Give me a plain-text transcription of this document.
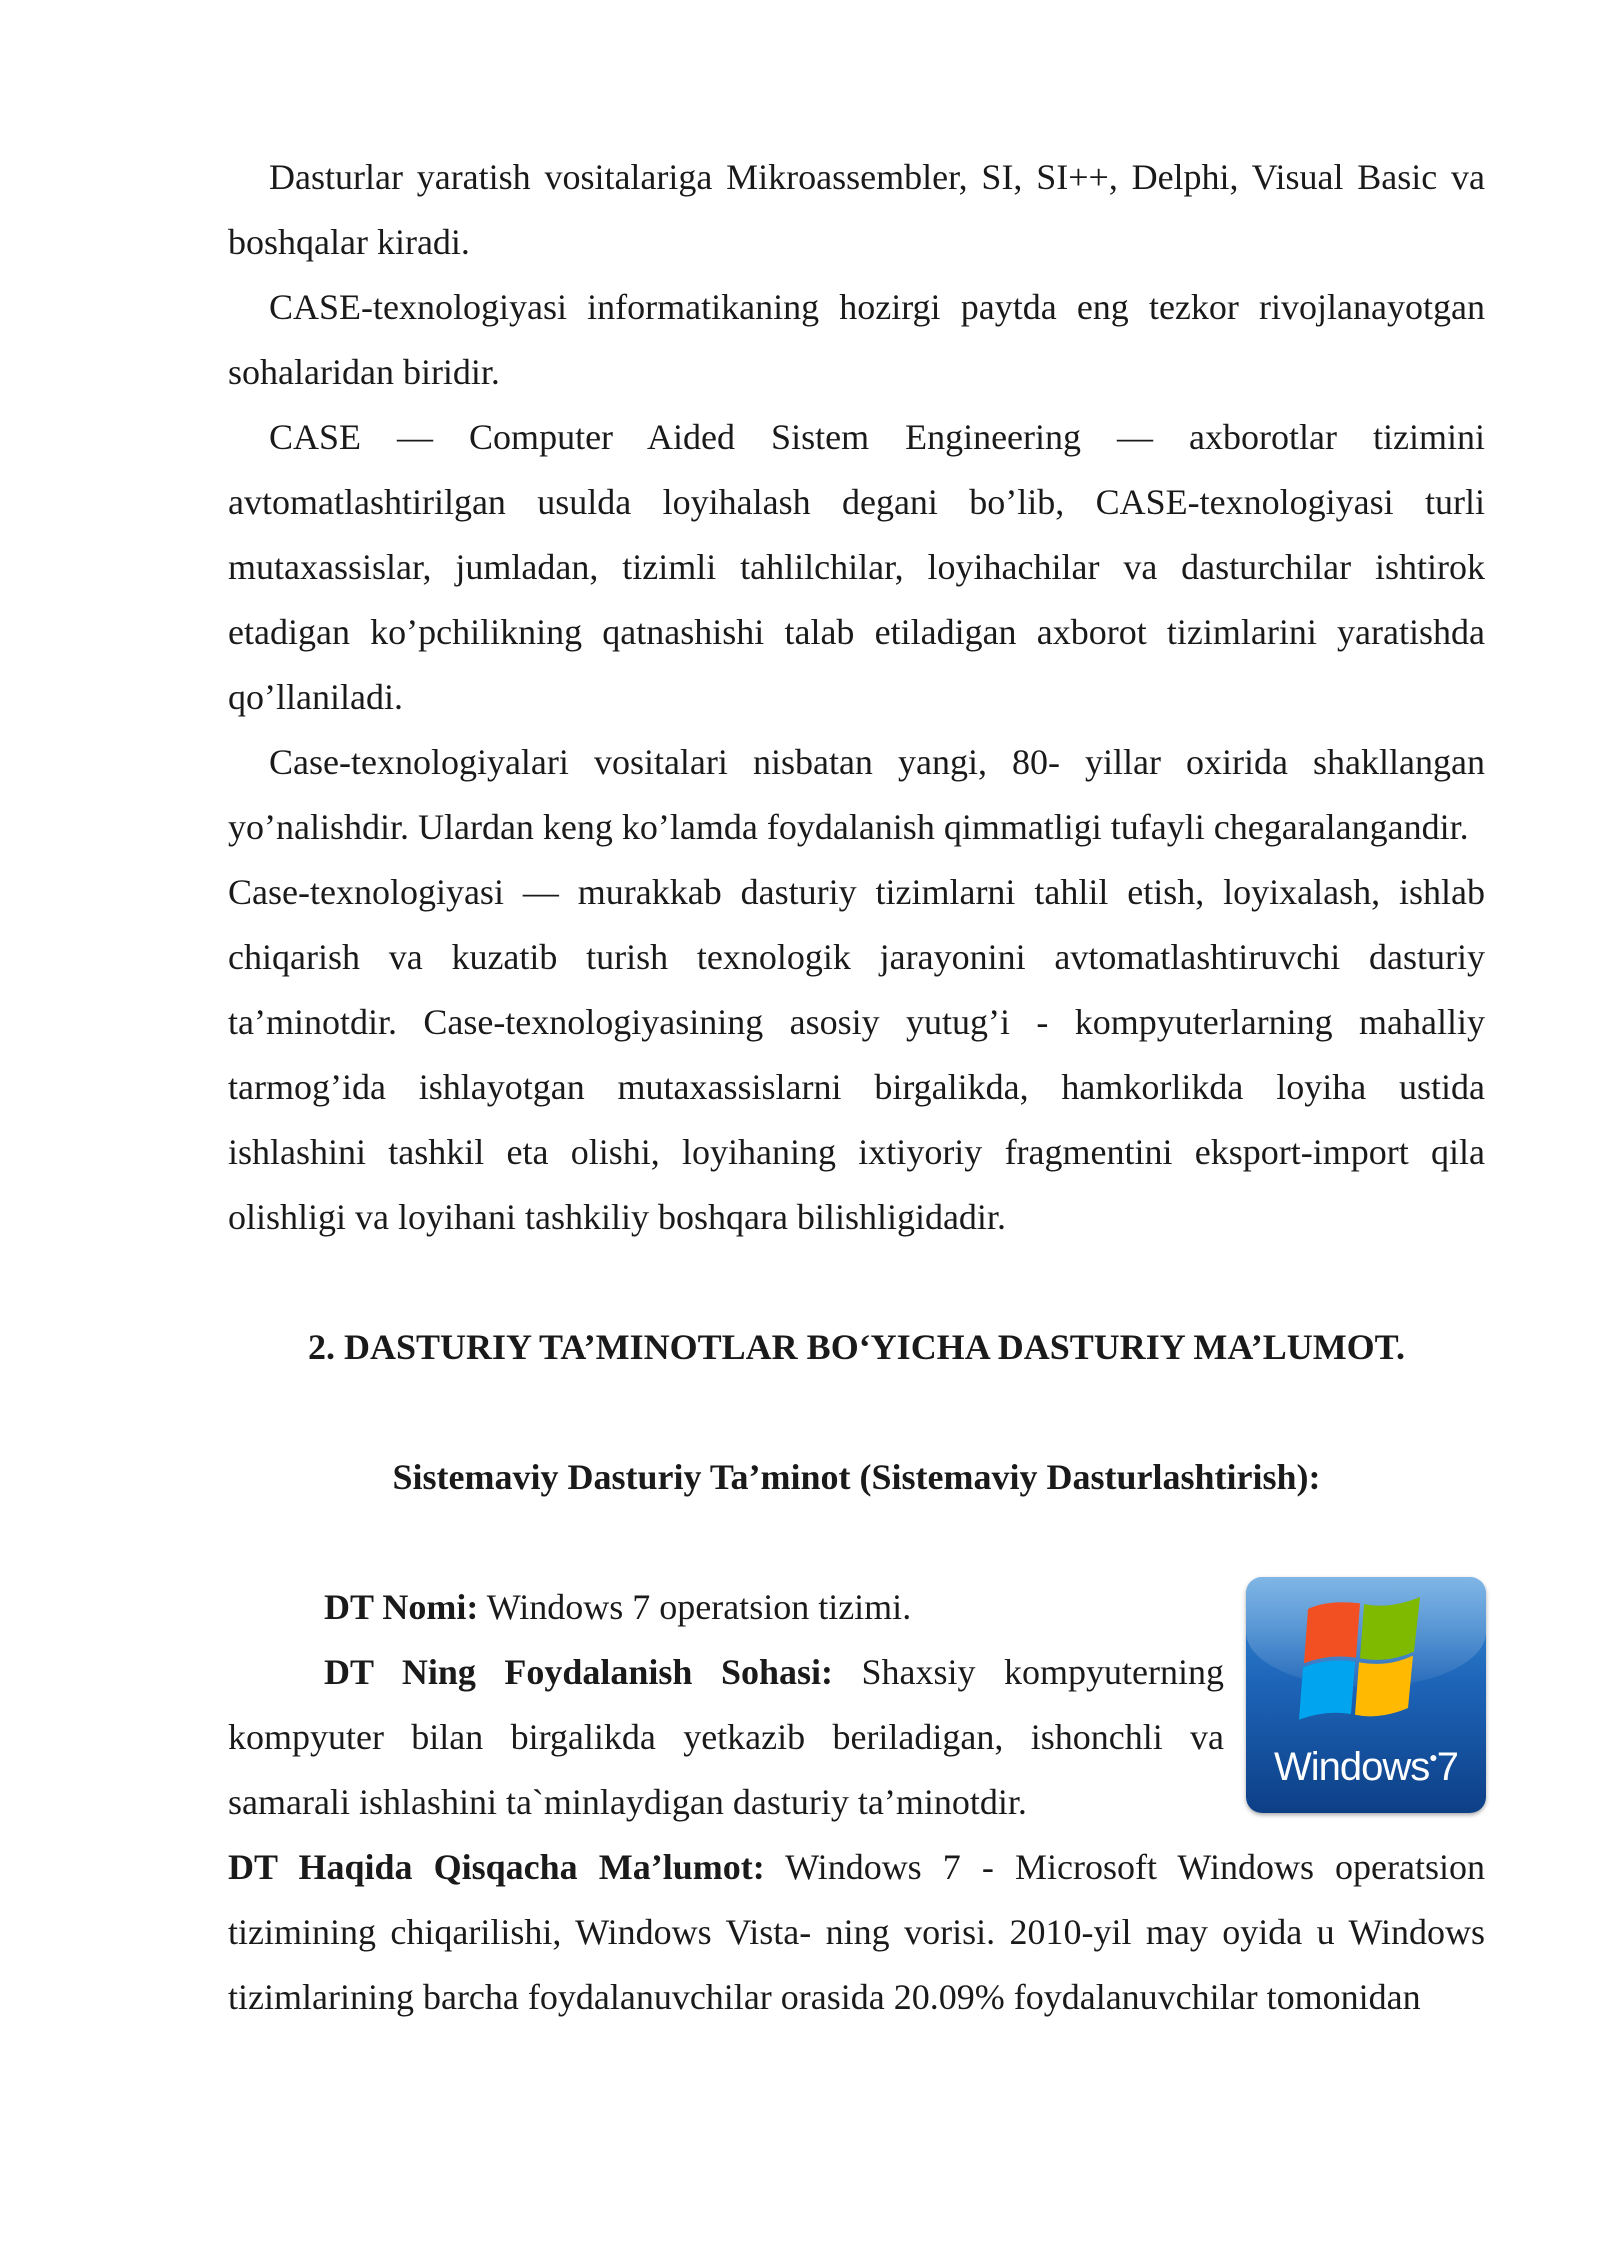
Dasturlar yaratish vositalariga Mikroassembler, SI, SI++, Delphi, Visual Basic va boshqalar kiradi.

CASE-texnologiyasi informatikaning hozirgi paytda eng tezkor rivojlanayotgan sohalaridan biridir.

CASE — Computer Aided Sistem Engineering — axborotlar tizimini avtomatlashtirilgan usulda loyihalash degani bo’lib, CASE-texnologiyasi turli mutaxassislar, jumladan, tizimli tahlilchilar, loyihachilar va dasturchilar ishtirok etadigan ko’pchilikning qatnashishi talab etiladigan axborot tizimlarini yaratishda qo’llaniladi.

Case-texnologiyalari vositalari nisbatan yangi, 80- yillar oxirida shakllangan yo’nalishdir. Ulardan keng ko’lamda foydalanish qimmatligi tufayli chegaralangandir.

Case-texnologiyasi — murakkab dasturiy tizimlarni tahlil etish, loyixalash, ishlab chiqarish va kuzatib turish texnologik jarayonini avtomatlashtiruvchi dasturiy ta’minotdir. Case-texnologiyasining asosiy yutug’i - kompyuterlarning mahalliy tarmog’ida ishlayotgan mutaxassislarni birgalikda, hamkorlikda loyiha ustida ishlashini tashkil eta olishi, loyihaning ixtiyoriy fragmentini eksport-import qila olishligi va loyihani tashkiliy boshqara bilishligidadir.

2. DASTURIY TA’MINOTLAR BO‘YICHA DASTURIY MA’LUMOT.
Sistemaviy Dasturiy Ta’minot (Sistemaviy Dasturlashtirish):
Windows●7

DT Nomi: Windows 7 operatsion tizimi.

DT Ning Foydalanish Sohasi: Shaxsiy kompyuterning kompyuter bilan birgalikda yetkazib beriladigan, ishonchli va samarali ishlashini ta`minlaydigan dasturiy ta’minotdir.

DT Haqida Qisqacha Ma’lumot: Windows 7 - Microsoft Windows operatsion tizimining chiqarilishi, Windows Vista- ning vorisi. 2010-yil may oyida u Windows tizimlarining barcha foydalanuvchilar orasida 20.09% foydalanuvchilar tomonidan
